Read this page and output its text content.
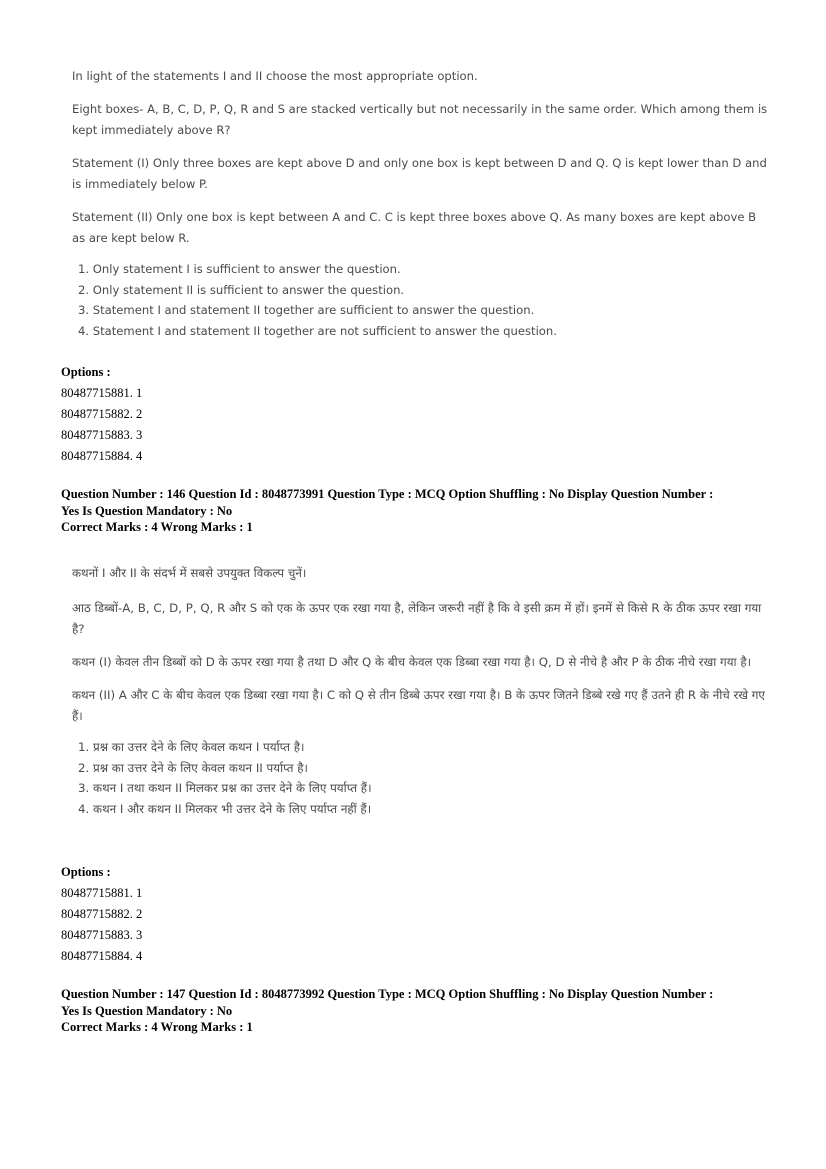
In light of the statements I and II choose the most appropriate option.

Eight boxes- A, B, C, D, P, Q, R and S are stacked vertically but not necessarily in the same order. Which among them is kept immediately above R?

Statement (I) Only three boxes are kept above D and only one box is kept between D and Q. Q is kept lower than D and is immediately below P.

Statement (II) Only one box is kept between A and C. C is kept three boxes above Q. As many boxes are kept above B as are kept below R.

1. Only statement I is sufficient to answer the question.
2. Only statement II is sufficient to answer the question.
3. Statement I and statement II together are sufficient to answer the question.
4. Statement I and statement II together are not sufficient to answer the question.
Options :
80487715881. 1
80487715882. 2
80487715883. 3
80487715884. 4
Question Number : 146 Question Id : 8048773991 Question Type : MCQ Option Shuffling : No Display Question Number :
Yes Is Question Mandatory : No
Correct Marks : 4 Wrong Marks : 1

कथनों I और II के संदर्भ में सबसे उपयुक्त विकल्प चुनें।

आठ डिब्बों-A, B, C, D, P, Q, R और S को एक के ऊपर एक रखा गया है, लेकिन जरूरी नहीं है कि वे इसी क्रम में हों। इनमें से किसे R के ठीक ऊपर रखा गया है?

कथन (I) केवल तीन डिब्बों को D के ऊपर रखा गया है तथा D और Q के बीच केवल एक डिब्बा रखा गया है। Q, D से नीचे है और P के ठीक नीचे रखा गया है।

कथन (II) A और C के बीच केवल एक डिब्बा रखा गया है। C को Q से तीन डिब्बे ऊपर रखा गया है। B के ऊपर जितने डिब्बे रखे गए हैं उतने ही R के नीचे रखे गए हैं।

1. प्रश्न का उत्तर देने के लिए केवल कथन I पर्याप्त है।
2. प्रश्न का उत्तर देने के लिए केवल कथन II पर्याप्त है।
3. कथन I तथा कथन II मिलकर प्रश्न का उत्तर देने के लिए पर्याप्त हैं।
4. कथन I और कथन II मिलकर भी उत्तर देने के लिए पर्याप्त नहीं हैं।
Options :
80487715881. 1
80487715882. 2
80487715883. 3
80487715884. 4
Question Number : 147 Question Id : 8048773992 Question Type : MCQ Option Shuffling : No Display Question Number :
Yes Is Question Mandatory : No
Correct Marks : 4 Wrong Marks : 1
